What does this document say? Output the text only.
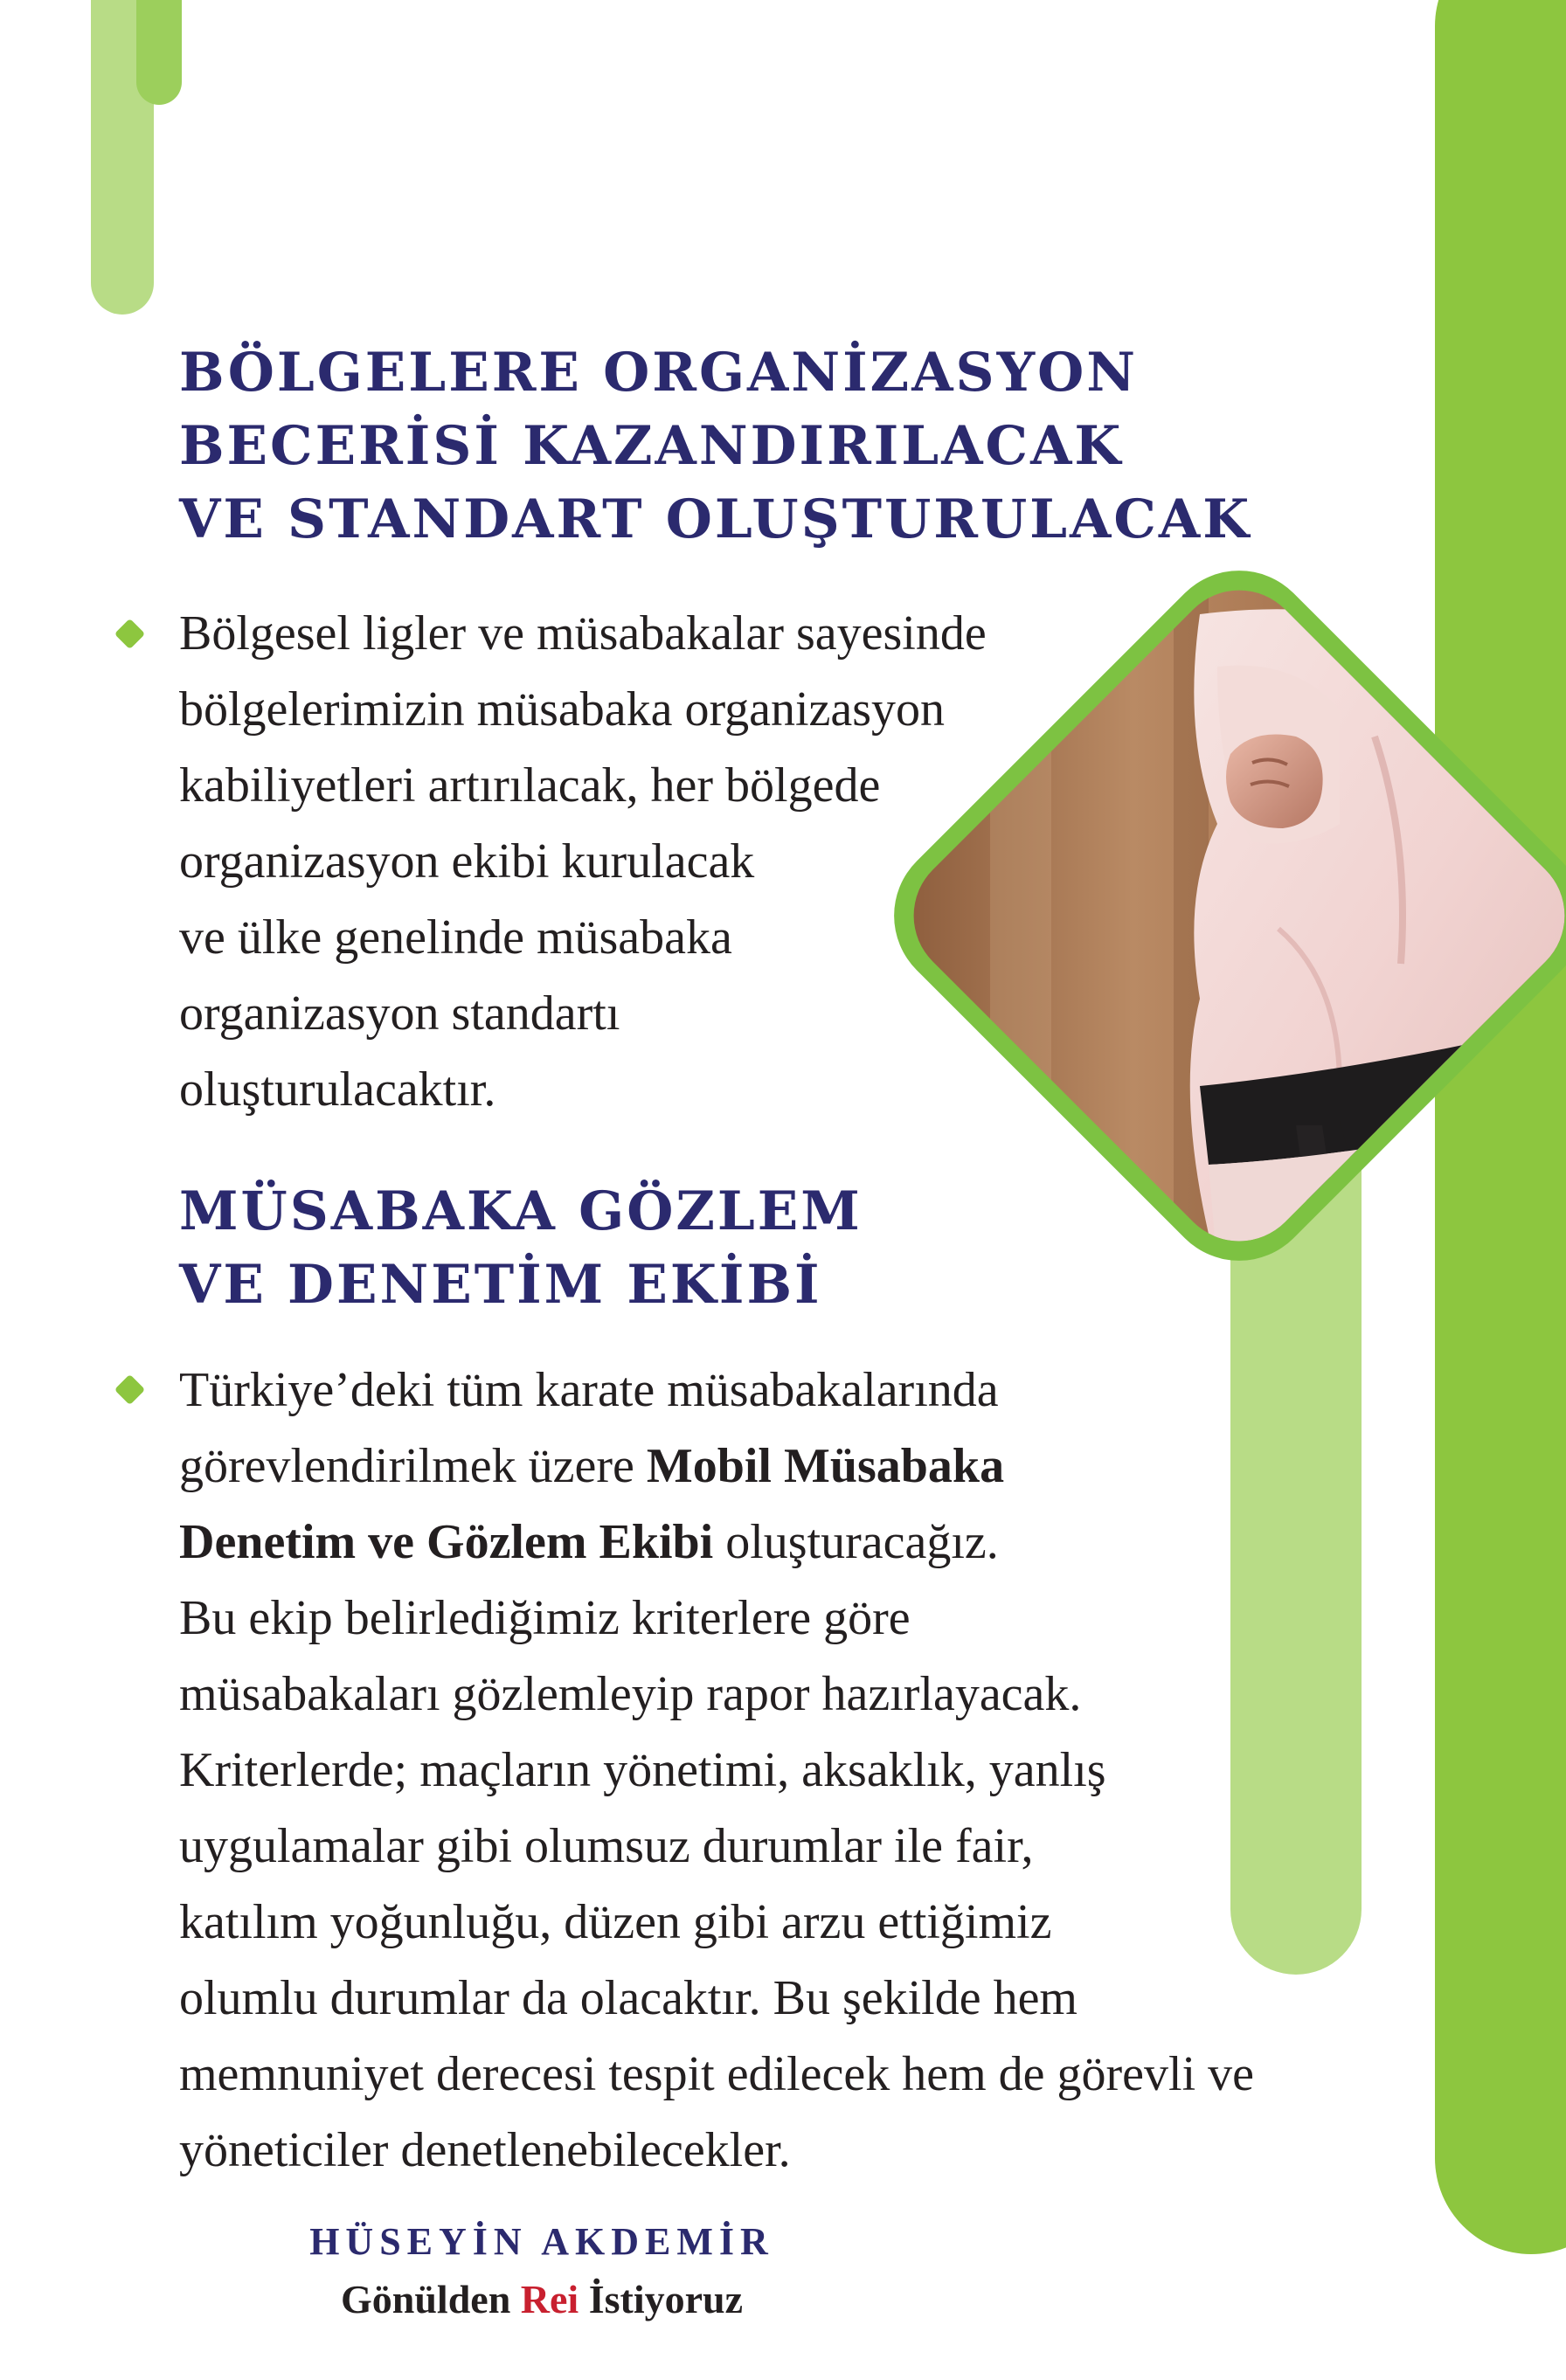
BÖLGELERE ORGANİZASYON
BECERİSİ KAZANDIRILACAK
VE STANDART OLUŞTURULACAK

Bölgesel ligler ve müsabakalar sayesinde
bölgelerimizin müsabaka organizasyon
kabiliyetleri artırılacak, her bölgede
organizasyon ekibi kurulacak
ve ülke genelinde müsabaka
organizasyon standartı
oluşturulacaktır.

MÜSABAKA GÖZLEM
VE DENETİM EKİBİ

Türkiye’deki tüm karate müsabakalarında
görevlendirilmek üzere Mobil Müsabaka
Denetim ve Gözlem Ekibi oluşturacağız.
Bu ekip belirlediğimiz kriterlere göre
müsabakaları gözlemleyip rapor hazırlayacak.
Kriterlerde; maçların yönetimi, aksaklık, yanlış
uygulamalar gibi olumsuz durumlar ile fair,
katılım yoğunluğu, düzen gibi arzu ettiğimiz
olumlu durumlar da olacaktır. Bu şekilde hem
memnuniyet derecesi tespit edilecek hem de görevli ve
yöneticiler denetlenebilecekler.

HÜSEYİN AKDEMİR
Gönülden Rei İstiyoruz
